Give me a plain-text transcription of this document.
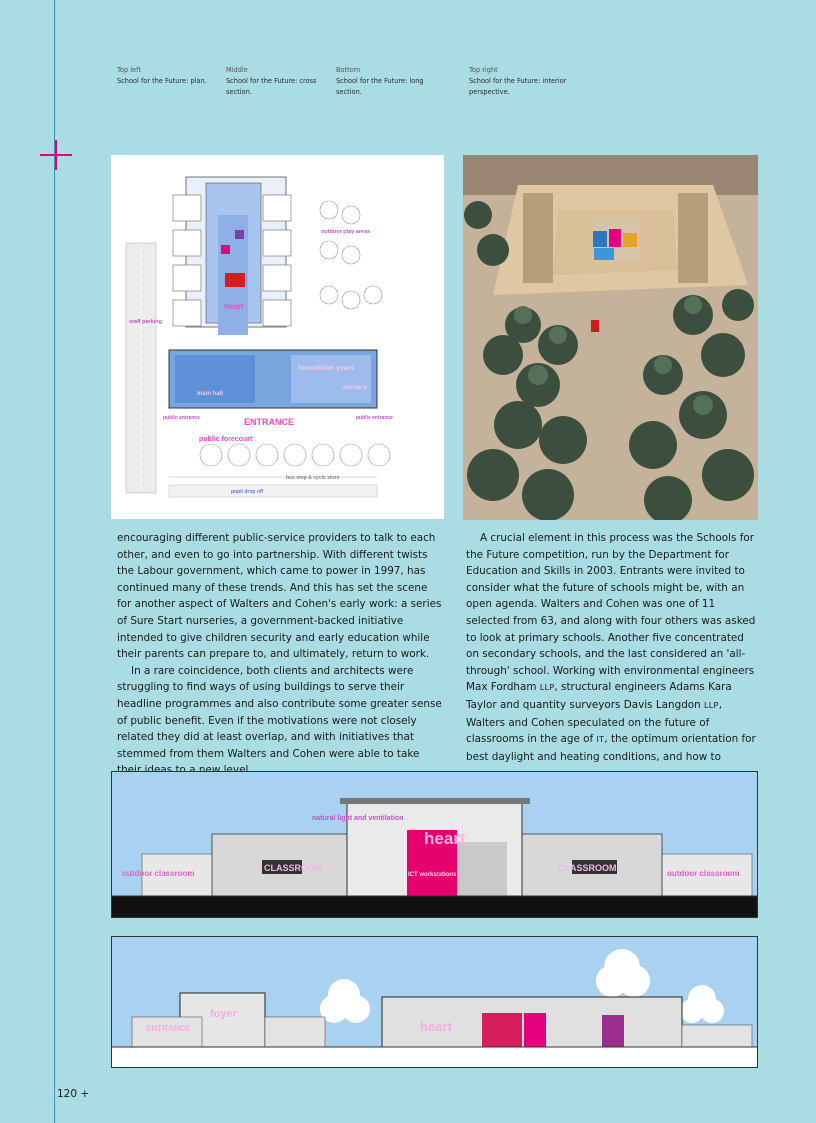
Top left
School for the Future: plan.
Middle
School for the Future: cross section.
Bottom
School for the Future: long section.
Top right
School for the Future: interior perspective.
outdoor play areas
staff parking
heart
foundation years
nursery
main hall
ENTRANCE
public entrance	public entrance
public forecourt
bus stop & cycle store
pupil drop off

encouraging different public-service providers to talk to each other, and even to go into partnership. With different twists the Labour government, which came to power in 1997, has continued many of these trends. And this has set the scene for another aspect of Walters and Cohen's early work: a series of Sure Start nurseries, a government-backed initiative intended to give children security and early education while their parents can prepare to, and ultimately, return to work.

In a rare coincidence, both clients and architects were struggling to find ways of using buildings to serve their headline programmes and also contribute some greater sense of public benefit. Even if the motivations were not closely related they did at least overlap, and with initiatives that stemmed from them Walters and Cohen were able to take

A crucial element in this process was the Schools for the Future competition, run by the Department for Education and Skills in 2003. Entrants were invited to consider what the future of schools might be, with an open agenda. Walters and Cohen was one of 11 selected from 63, and along with four others was asked to look at primary schools. Another five concentrated on secondary schools, and the last considered an 'all-through' school. Working with environmental engineers Max Fordham LLP, structural engineers Adams Kara Taylor and quantity surveyors Davis Langdon LLP, Walters and Cohen speculated on the future of classrooms in the age of IT, the optimum orientation for best daylight and heating conditions, and how to

natural light and ventilation
heart
CLASSROOM	CLASSROOM
outdoor classroom	outdoor classroom
ICT workstations
foyer
ENTRANCE	heart
120 +
